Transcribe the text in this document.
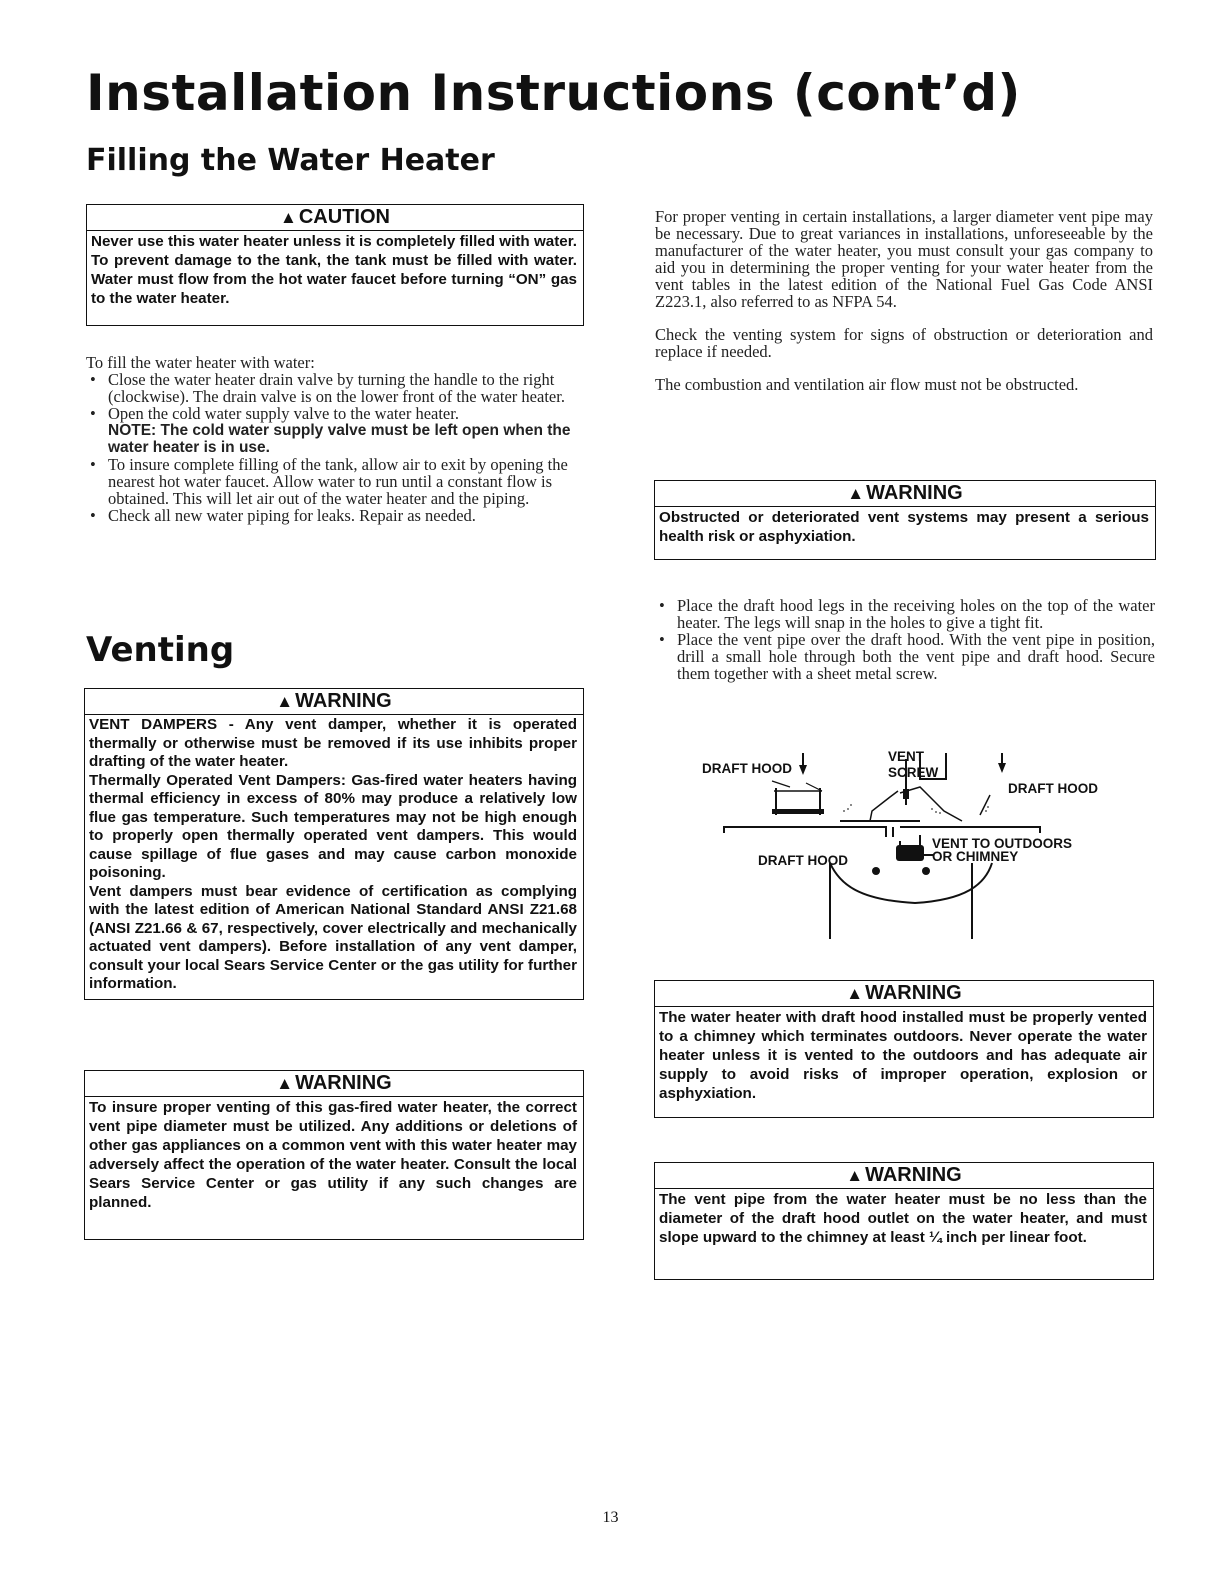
Installation Instructions (cont’d)
Filling the Water Heater
▲ CAUTION
Never use this water heater unless it is completely filled with water. To prevent damage to the tank, the tank must be filled with water. Water must flow from the hot water faucet before turning “ON” gas to the water heater.
To fill the water heater with water:
• Close the water heater drain valve by turning the handle to the right (clockwise). The drain valve is on the lower front of the water heater.
• Open the cold water supply valve to the water heater.
NOTE: The cold water supply valve must be left open when the water heater is in use.
• To insure complete filling of the tank, allow air to exit by opening the nearest hot water faucet. Allow water to run until a constant flow is obtained. This will let air out of the water heater and the piping.
• Check all new water piping for leaks. Repair as needed.
Venting
▲ WARNING
VENT DAMPERS - Any vent damper, whether it is operated thermally or otherwise must be removed if its use inhibits proper drafting of the water heater.
Thermally Operated Vent Dampers: Gas-fired water heaters having thermal efficiency in excess of 80% may produce a relatively low flue gas temperature. Such temperatures may not be high enough to properly open thermally operated vent dampers. This would cause spillage of flue gases and may cause carbon monoxide poisoning.
Vent dampers must bear evidence of certification as complying with the latest edition of American National Standard ANSI Z21.68 (ANSI Z21.66 & 67, respectively, cover electrically and mechanically actuated vent dampers). Before installation of any vent damper, consult your local Sears Service Center or the gas utility for further information.
▲ WARNING
To insure proper venting of this gas-fired water heater, the correct vent pipe diameter must be utilized. Any additions or deletions of other gas appliances on a common vent with this water heater may adversely affect the operation of the water heater. Consult the local Sears Service Center or gas utility if any such changes are planned.

For proper venting in certain installations, a larger diameter vent pipe may be necessary. Due to great variances in installations, unforeseeable by the manufacturer of the water heater, you must consult your gas company to aid you in determining the proper venting for your water heater from the vent tables in the latest edition of the National Fuel Gas Code ANSI Z223.1, also referred to as NFPA 54.

Check the venting system for signs of obstruction or deterioration and replace if needed.

The combustion and ventilation air flow must not be obstructed.

▲ WARNING
Obstructed or deteriorated vent systems may present a serious health risk or asphyxiation.
• Place the draft hood legs in the receiving holes on the top of the water heater. The legs will snap in the holes to give a tight fit.
• Place the vent pipe over the draft hood. With the vent pipe in position, drill a small hole through both the vent pipe and draft hood. Secure them together with a sheet metal screw.
DRAFT HOOD
VENT
SCREW
DRAFT HOOD
VENT TO OUTDOORS
OR CHIMNEY
DRAFT HOOD
▲ WARNING
The water heater with draft hood installed must be properly vented to a chimney which terminates outdoors. Never operate the water heater unless it is vented to the outdoors and has adequate air supply to avoid risks of improper operation, explosion or asphyxiation.
▲ WARNING
The vent pipe from the water heater must be no less than the diameter of the draft hood outlet on the water heater, and must slope upward to the chimney at least ¼ inch per linear foot.
13
